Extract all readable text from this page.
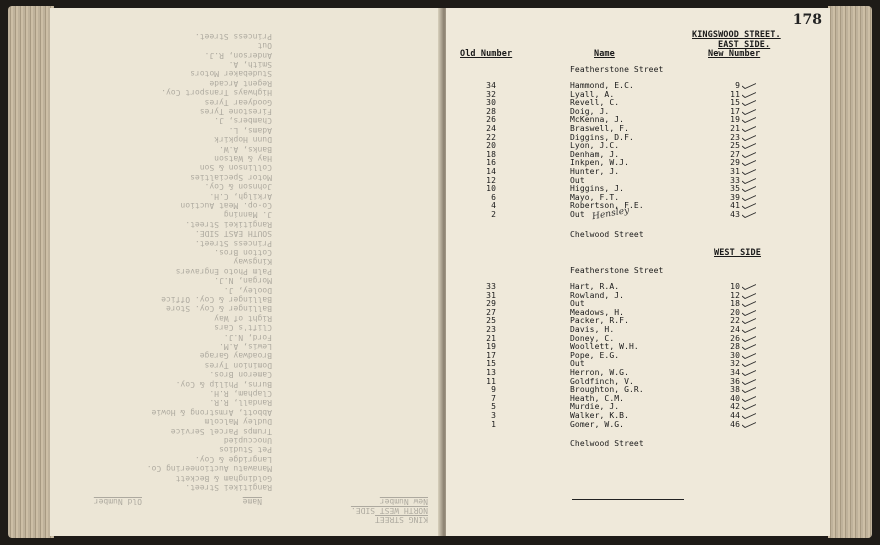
KING STREET
NORTH WEST SIDE.
New Number
Name
Old Number
Rangitikei Street.
Goldingham & Beckett
Manawatu Auctioneering Co.
Langridge & Coy.
Pet Studios
Unoccupied
Trumps Parcel Service
Dudley Malcolm
Abbott, Armstrong & Howie
Randall, R.R.
Clapham, R.H.
Burns, Philip & Coy.
Cameron Bros.
Dominion Tyres
Broadway Garage
Lewis, A.M.
Ford, N.J.
Clift's Cars
Right of Way
Ballinger & Coy. Store
Ballinger & Coy. Office
Dooley, J.
Morgan, N.J.
Palm Photo Engravers
Kingsway
Cotton Bros.
Princess Street.
SOUTH EAST SIDE.
Rangitikei Street.
J. Manning
Co-op. Meat Auction
Arkilgh, C.H.
Johnson & Coy.
Motor Specialties
Collinson & Son
Hay & Watson
Banks, A.W.
Dunn Hopkirk
Adams, L.
Chambers, J.
Firestone Tyres
Goodyear Tyres
Highways Transport Coy.
Regent Arcade
Studebaker Motors
Smith, A.
Anderson, R.J.
Out
Princess Street.
178
KINGSWOOD STREET.
EAST SIDE.
Old Number	Name	New Number
Featherstone Street
34	Hammond, E.C.	9
32	Lyall, A.	11
30	Revell, C.	15
28	Doig, J.	17
26	McKenna, J.	19
24	Braswell, F.	21
22	Diggins, D.F.	23
20	Lyon, J.C.	25
18	Denham, J.	27
16	Inkpen, W.J.	29
14	Hunter, J.	31
12	Out	33
10	Higgins, J.	35
6	Mayo, F.T.	39
4	Robertson, F.E.	41
2	Out	43
Hensley
Chelwood Street
WEST SIDE
Featherstone Street
33	Hart, R.A.	10
31	Rowland, J.	12
29	Out	18
27	Meadows, H.	20
25	Packer, R.F.	22
23	Davis, H.	24
21	Doney, C.	26
19	Woollett, W.H.	28
17	Pope, E.G.	30
15	Out	32
13	Herron, W.G.	34
11	Goldfinch, V.	36
9	Broughton, G.R.	38
7	Heath, C.M.	40
5	Murdie, J.	42
3	Walker, K.B.	44
1	Gomer, W.G.	46
Chelwood Street
